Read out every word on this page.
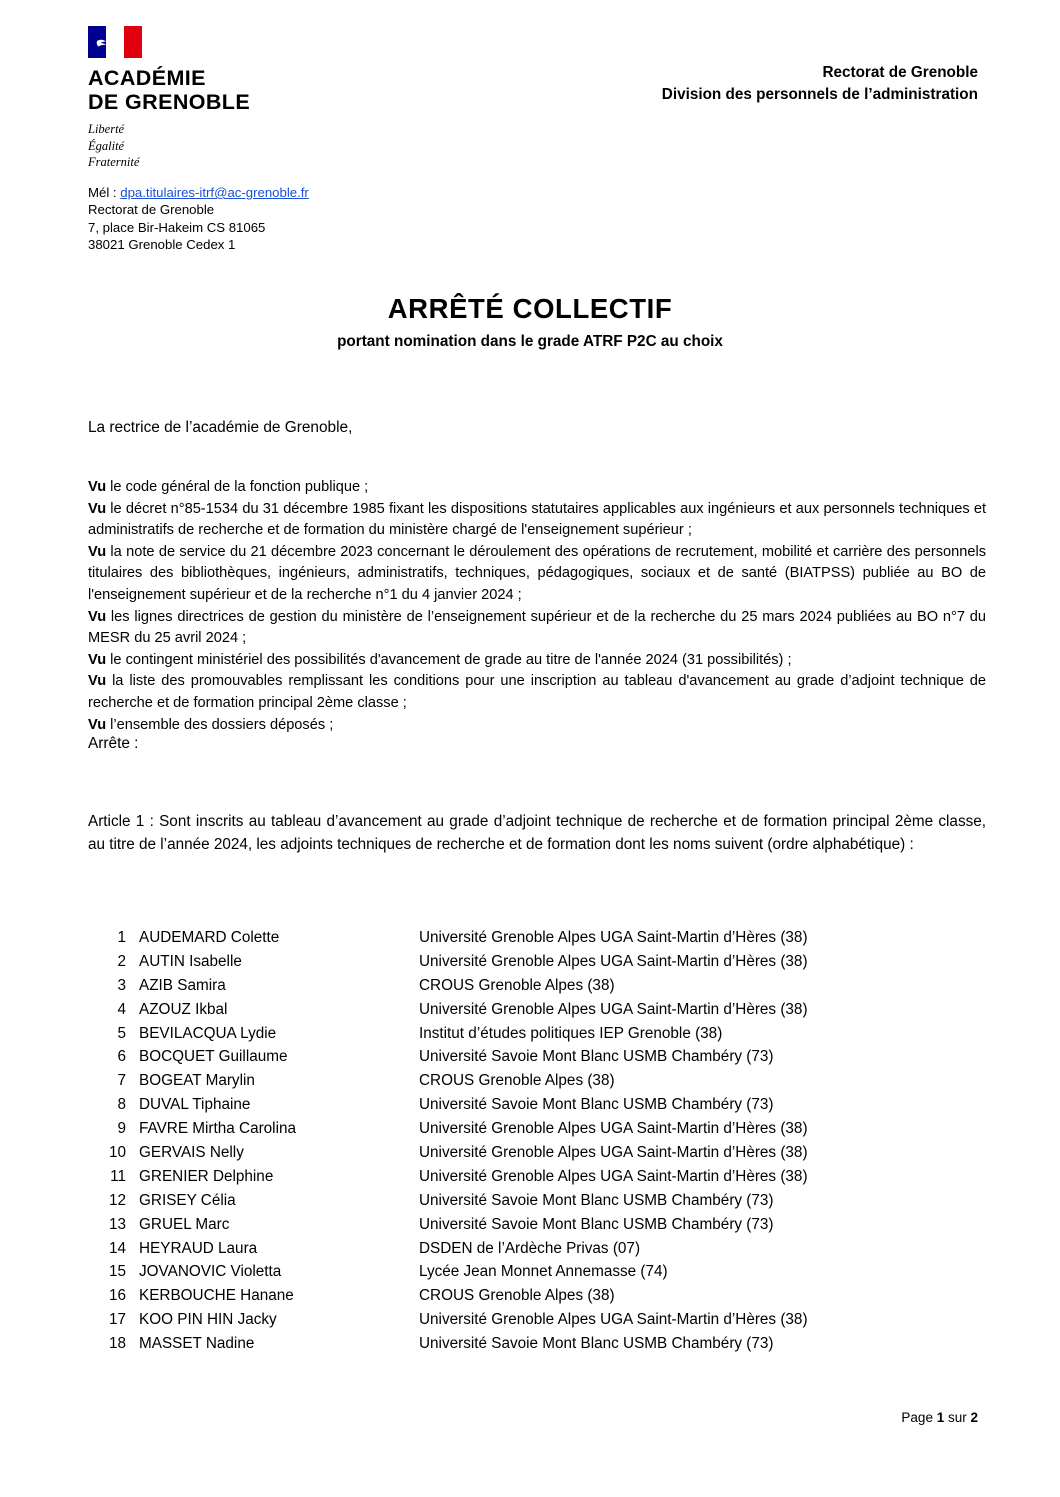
ACADÉMIE
DE GRENOBLE
Liberté
Égalité
Fraternité
Rectorat de Grenoble
Division des personnels de l’administration
Mél : dpa.titulaires-itrf@ac-grenoble.fr
Rectorat de Grenoble
7, place Bir-Hakeim CS 81065
38021 Grenoble Cedex 1
ARRÊTÉ COLLECTIF
portant nomination dans le grade ATRF P2C au choix
La rectrice de l’académie de Grenoble,
Vu le code général de la fonction publique ;
Vu le décret n°85-1534 du 31 décembre 1985 fixant les dispositions statutaires applicables aux ingénieurs et aux personnels techniques et administratifs de recherche et de formation du ministère chargé de l'enseignement supérieur ;
Vu la note de service du 21 décembre 2023 concernant le déroulement des opérations de recrutement, mobilité et carrière des personnels titulaires des bibliothèques, ingénieurs, administratifs, techniques, pédagogiques, sociaux et de santé (BIATPSS) publiée au BO de l'enseignement supérieur et de la recherche n°1 du 4 janvier 2024 ;
Vu les lignes directrices de gestion du ministère de l’enseignement supérieur et de la recherche du 25 mars 2024 publiées au BO n°7 du MESR du 25 avril 2024 ;
Vu le contingent ministériel des possibilités d'avancement de grade au titre de l'année 2024 (31 possibilités) ;
Vu la liste des promouvables remplissant les conditions pour une inscription au tableau d'avancement au grade d’adjoint technique de recherche et de formation principal 2ème classe ;
Vu l’ensemble des dossiers déposés ;
Arrête :
Article 1 : Sont inscrits au tableau d’avancement au grade d’adjoint technique de recherche et de formation principal 2ème classe, au titre de l’année 2024, les adjoints techniques de recherche et de formation dont les noms suivent (ordre alphabétique) :
1 AUDEMARD Colette	Université Grenoble Alpes UGA Saint-Martin d’Hères (38)
2 AUTIN Isabelle	Université Grenoble Alpes UGA Saint-Martin d’Hères (38)
3 AZIB Samira	CROUS Grenoble Alpes (38)
4 AZOUZ Ikbal	Université Grenoble Alpes UGA Saint-Martin d’Hères (38)
5 BEVILACQUA Lydie	Institut d’études politiques IEP Grenoble (38)
6 BOCQUET Guillaume	Université Savoie Mont Blanc USMB Chambéry (73)
7 BOGEAT Marylin	CROUS Grenoble Alpes (38)
8 DUVAL Tiphaine	Université Savoie Mont Blanc USMB Chambéry (73)
9 FAVRE Mirtha Carolina	Université Grenoble Alpes UGA Saint-Martin d’Hères (38)
10 GERVAIS Nelly	Université Grenoble Alpes UGA Saint-Martin d’Hères (38)
11 GRENIER Delphine	Université Grenoble Alpes UGA Saint-Martin d’Hères (38)
12 GRISEY Célia	Université Savoie Mont Blanc USMB Chambéry (73)
13 GRUEL Marc	Université Savoie Mont Blanc USMB Chambéry (73)
14 HEYRAUD Laura	DSDEN de l’Ardèche Privas (07)
15 JOVANOVIC Violetta	Lycée Jean Monnet Annemasse (74)
16 KERBOUCHE Hanane	CROUS Grenoble Alpes (38)
17 KOO PIN HIN Jacky	Université Grenoble Alpes UGA Saint-Martin d’Hères (38)
18 MASSET Nadine	Université Savoie Mont Blanc USMB Chambéry (73)
Page 1 sur 2
